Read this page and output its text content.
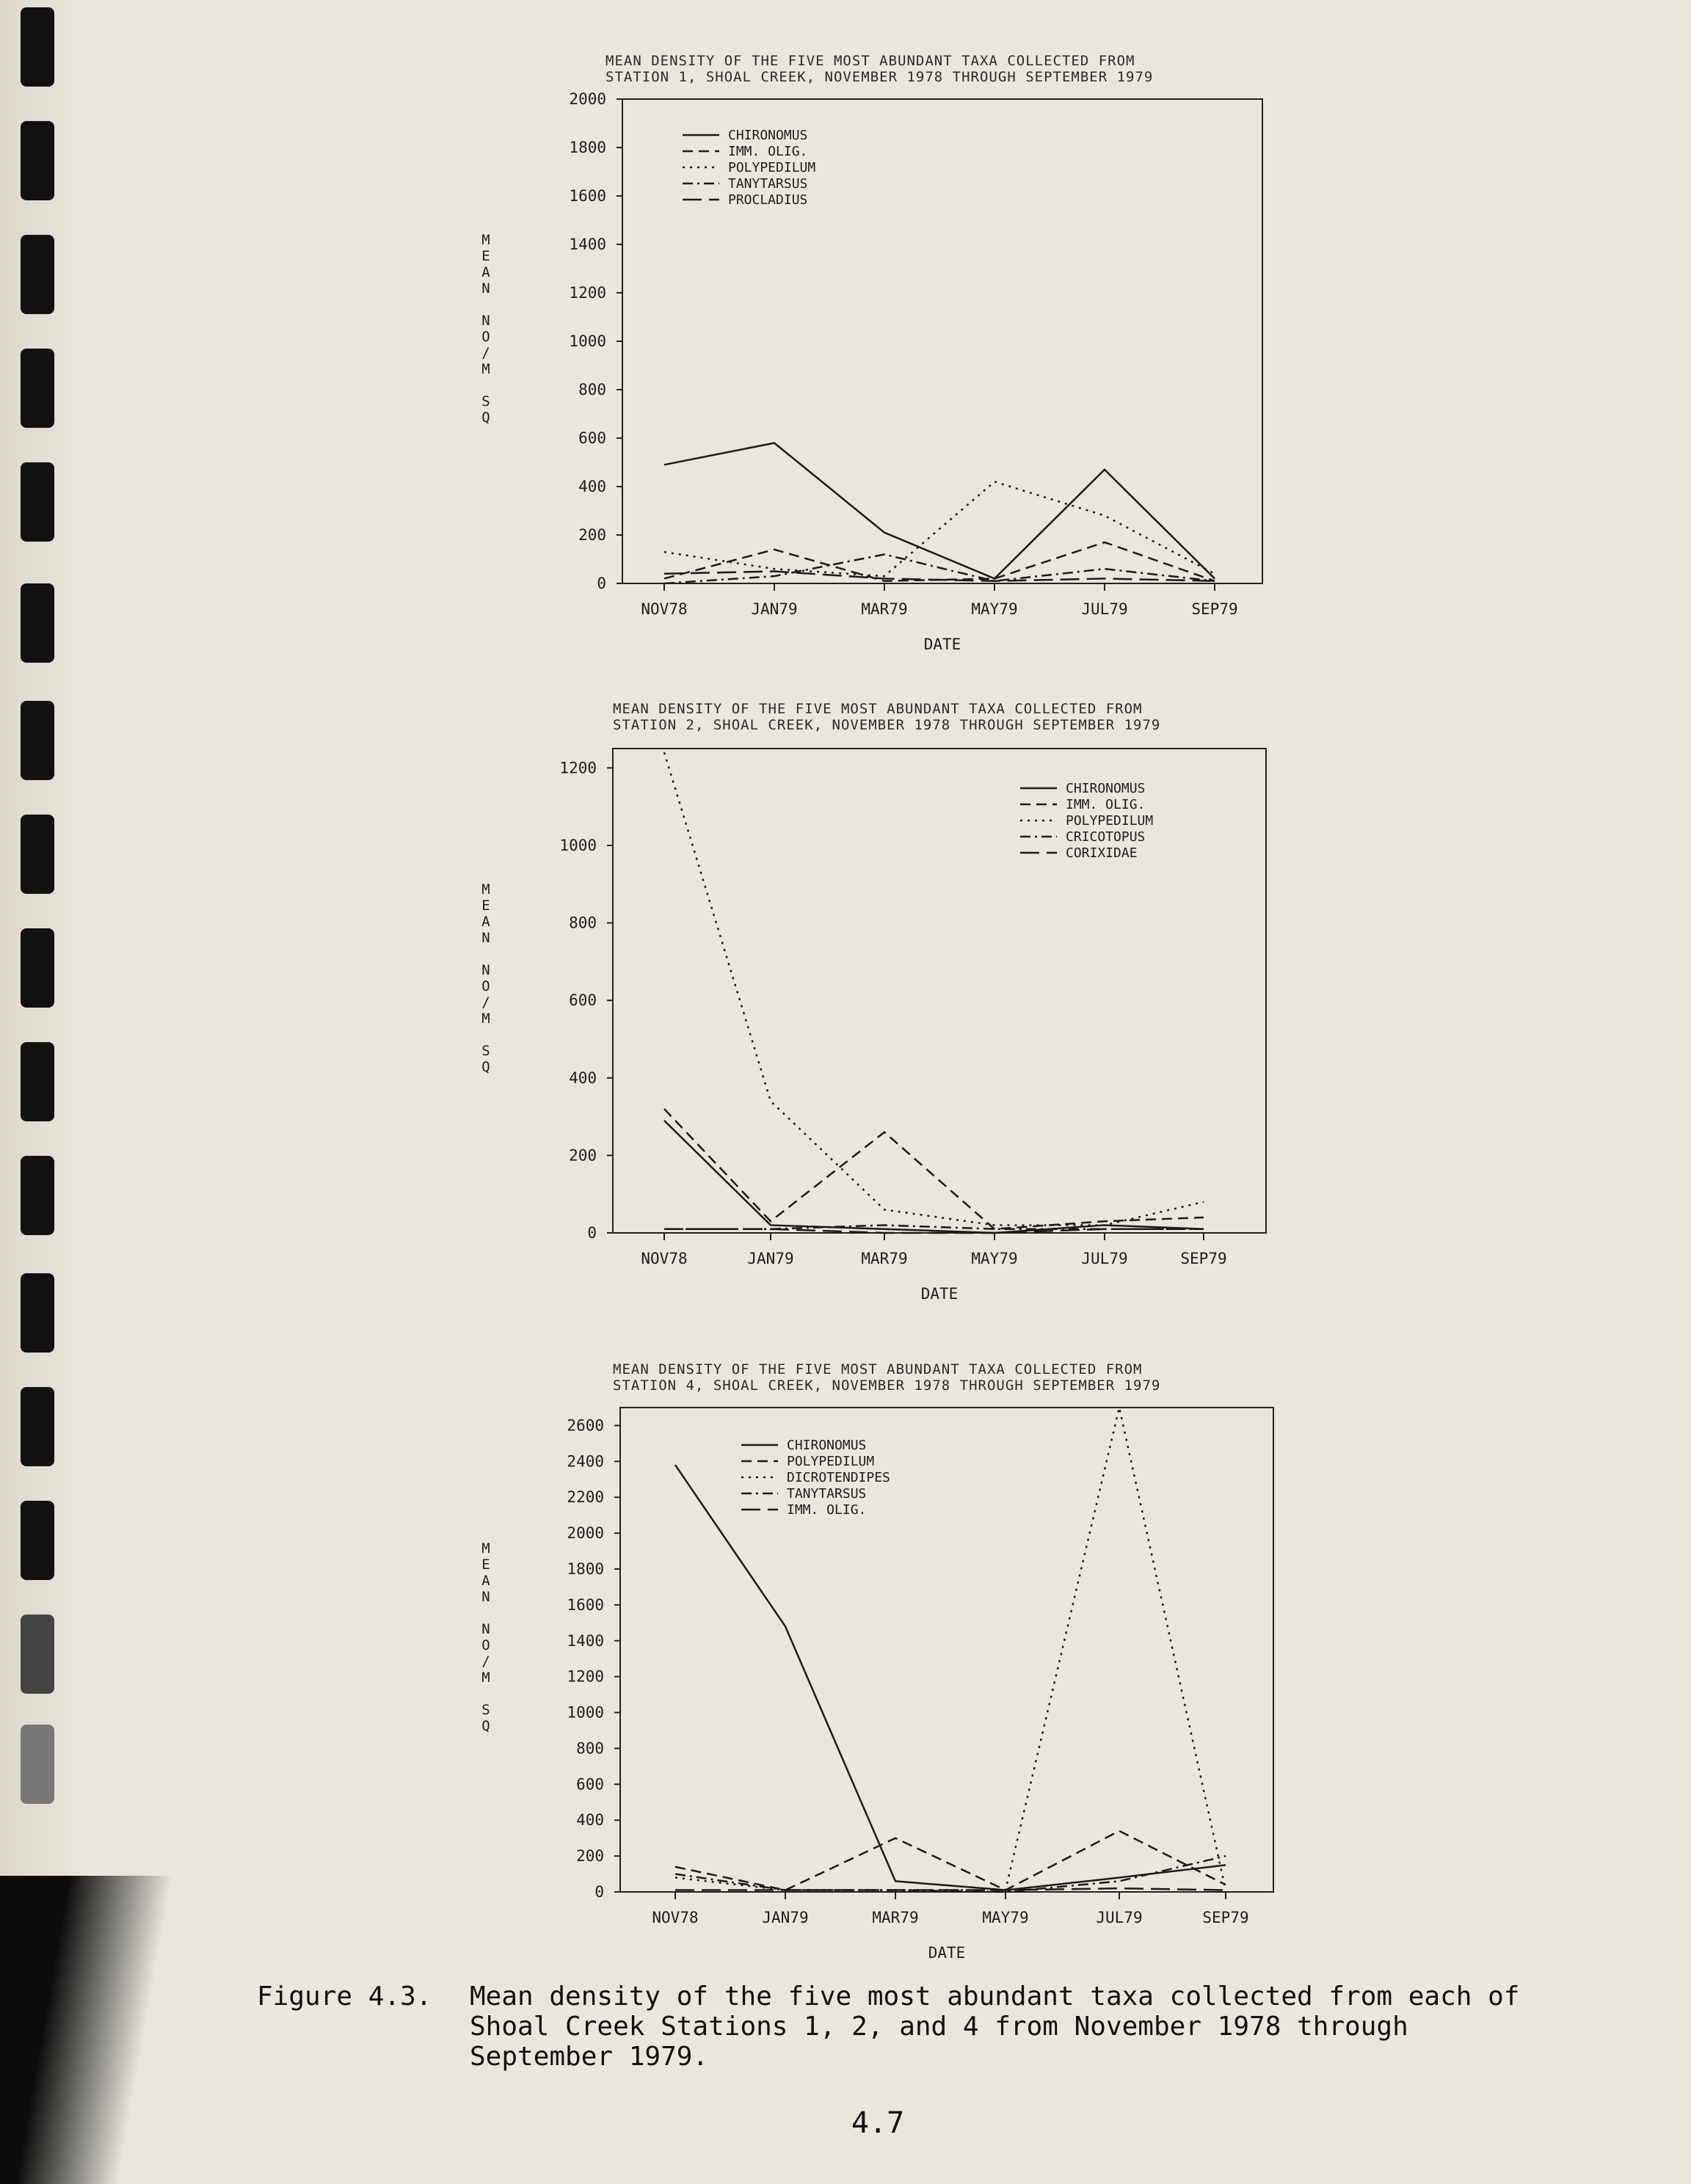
MEAN DENSITY OF THE FIVE MOST ABUNDANT TAXA COLLECTED FROM
STATION 1, SHOAL CREEK, NOVEMBER 1978 THROUGH SEPTEMBER 1979
0
200
400
600
800
1000
1200
1400
1600
1800
2000
NOV78	JAN79	MAR79	MAY79	JUL79	SEP79
DATE
M E A N N O / M S Q
CHIRONOMUS
IMM. OLIG.
POLYPEDILUM
TANYTARSUS
PROCLADIUS
MEAN DENSITY OF THE FIVE MOST ABUNDANT TAXA COLLECTED FROM
STATION 2, SHOAL CREEK, NOVEMBER 1978 THROUGH SEPTEMBER 1979
0
200
400
600
800
1000
1200
NOV78	JAN79	MAR79	MAY79	JUL79	SEP79
DATE
M E A N N O / M S Q
CHIRONOMUS
IMM. OLIG.
POLYPEDILUM
CRICOTOPUS
CORIXIDAE
MEAN DENSITY OF THE FIVE MOST ABUNDANT TAXA COLLECTED FROM
STATION 4, SHOAL CREEK, NOVEMBER 1978 THROUGH SEPTEMBER 1979
0
200
400
600
800
1000
1200
1400
1600
1800
2000
2200
2400
2600
NOV78	JAN79	MAR79	MAY79	JUL79	SEP79
DATE
M E A N N O / M S Q
CHIRONOMUS
POLYPEDILUM
DICROTENDIPES
TANYTARSUS
IMM. OLIG.
Figure 4.3. Mean density of the five most abundant taxa collected from each of Shoal Creek Stations 1, 2, and 4 from November 1978 through September 1979.
4.7
